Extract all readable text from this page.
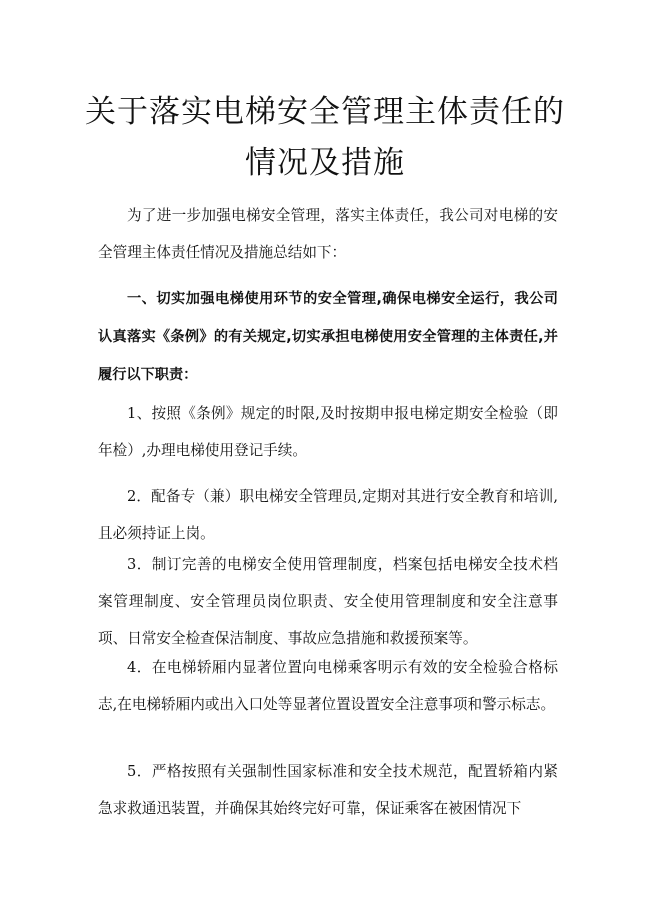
关于落实电梯安全管理主体责任的
情况及措施
为了进一步加强电梯安全管理，落实主体责任，我公司对电梯的安全管理主体责任情况及措施总结如下：
一、切实加强电梯使用环节的安全管理,确保电梯安全运行，我公司认真落实《条例》的有关规定,切实承担电梯使用安全管理的主体责任,并履行以下职责：
1、按照《条例》规定的时限,及时按期申报电梯定期安全检验（即年检）,办理电梯使用登记手续。
2．配备专（兼）职电梯安全管理员,定期对其进行安全教育和培训,且必须持证上岗。
3．制订完善的电梯安全使用管理制度，档案包括电梯安全技术档案管理制度、安全管理员岗位职责、安全使用管理制度和安全注意事项、日常安全检查保洁制度、事故应急措施和救援预案等。
4．在电梯轿厢内显著位置向电梯乘客明示有效的安全检验合格标志,在电梯轿厢内或出入口处等显著位置设置安全注意事项和警示标志。
5．严格按照有关强制性国家标准和安全技术规范，配置轿箱内紧急求救通迅装置，并确保其始终完好可靠，保证乘客在被困情况下
